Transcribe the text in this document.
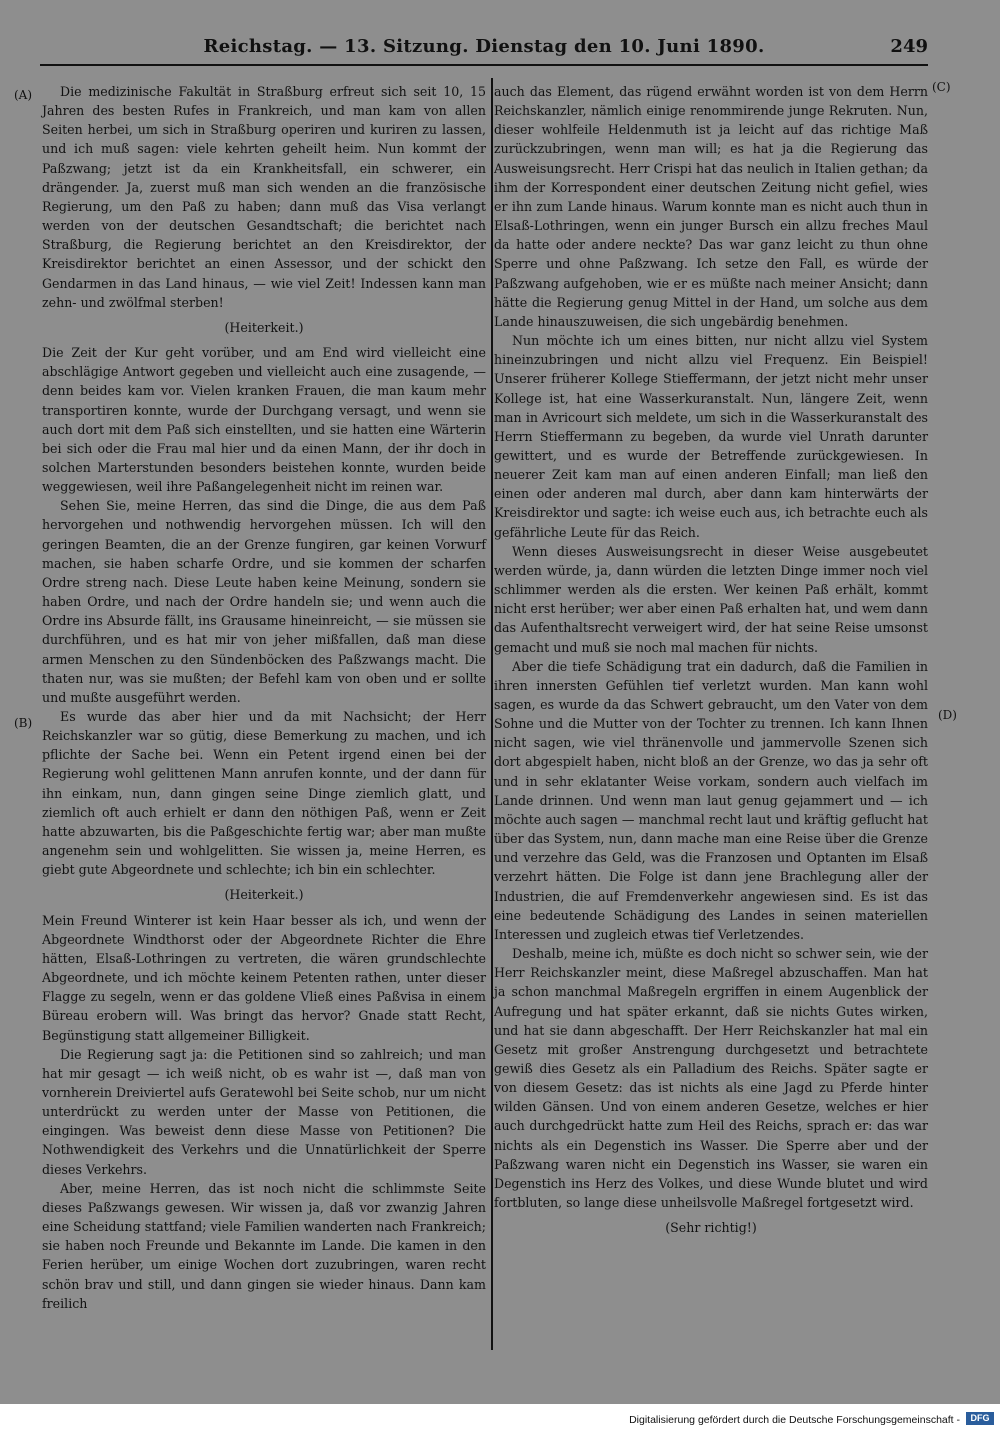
Reichstag. — 13. Sitzung. Dienstag den 10. Juni 1890.	249
(A)
(B)
(C)
(D)

Die medizinische Fakultät in Straßburg erfreut sich seit 10, 15 Jahren des besten Rufes in Frankreich, und man kam von allen Seiten herbei, um sich in Straßburg operiren und kuriren zu lassen, und ich muß sagen: viele kehrten geheilt heim. Nun kommt der Paßzwang; jetzt ist da ein Krankheitsfall, ein schwerer, ein drängender. Ja, zuerst muß man sich wenden an die französische Regierung, um den Paß zu haben; dann muß das Visa verlangt werden von der deutschen Gesandtschaft; die berichtet nach Straßburg, die Regierung berichtet an den Kreisdirektor, der Kreisdirektor berichtet an einen Assessor, und der schickt den Gendarmen in das Land hinaus, — wie viel Zeit! Indessen kann man zehn- und zwölfmal sterben!

(Heiterkeit.)

Die Zeit der Kur geht vorüber, und am End wird vielleicht eine abschlägige Antwort gegeben und vielleicht auch eine zusagende, — denn beides kam vor. Vielen kranken Frauen, die man kaum mehr transportiren konnte, wurde der Durchgang versagt, und wenn sie auch dort mit dem Paß sich einstellten, und sie hatten eine Wärterin bei sich oder die Frau mal hier und da einen Mann, der ihr doch in solchen Marterstunden besonders beistehen konnte, wurden beide weggewiesen, weil ihre Paßangelegenheit nicht im reinen war.

Sehen Sie, meine Herren, das sind die Dinge, die aus dem Paß hervorgehen und nothwendig hervorgehen müssen. Ich will den geringen Beamten, die an der Grenze fungiren, gar keinen Vorwurf machen, sie haben scharfe Ordre, und sie kommen der scharfen Ordre streng nach. Diese Leute haben keine Meinung, sondern sie haben Ordre, und nach der Ordre handeln sie; und wenn auch die Ordre ins Absurde fällt, ins Grausame hineinreicht, — sie müssen sie durchführen, und es hat mir von jeher mißfallen, daß man diese armen Menschen zu den Sündenböcken des Paßzwangs macht. Die thaten nur, was sie mußten; der Befehl kam von oben und er sollte und mußte ausgeführt werden.

Es wurde das aber hier und da mit Nachsicht; der Herr Reichskanzler war so gütig, diese Bemerkung zu machen, und ich pflichte der Sache bei. Wenn ein Petent irgend einen bei der Regierung wohl gelittenen Mann anrufen konnte, und der dann für ihn einkam, nun, dann gingen seine Dinge ziemlich glatt, und ziemlich oft auch erhielt er dann den nöthigen Paß, wenn er Zeit hatte abzuwarten, bis die Paßgeschichte fertig war; aber man mußte angenehm sein und wohlgelitten. Sie wissen ja, meine Herren, es giebt gute Abgeordnete und schlechte; ich bin ein schlechter.

(Heiterkeit.)

Mein Freund Winterer ist kein Haar besser als ich, und wenn der Abgeordnete Windthorst oder der Abgeordnete Richter die Ehre hätten, Elsaß-Lothringen zu vertreten, die wären grundschlechte Abgeordnete, und ich möchte keinem Petenten rathen, unter dieser Flagge zu segeln, wenn er das goldene Vließ eines Paßvisa in einem Büreau erobern will. Was bringt das hervor? Gnade statt Recht, Begünstigung statt allgemeiner Billigkeit.

Die Regierung sagt ja: die Petitionen sind so zahlreich; und man hat mir gesagt — ich weiß nicht, ob es wahr ist —, daß man von vornherein Dreiviertel aufs Geratewohl bei Seite schob, nur um nicht unterdrückt zu werden unter der Masse von Petitionen, die eingingen. Was beweist denn diese Masse von Petitionen? Die Nothwendigkeit des Verkehrs und die Unnatürlichkeit der Sperre dieses Verkehrs.

Aber, meine Herren, das ist noch nicht die schlimmste Seite dieses Paßzwangs gewesen. Wir wissen ja, daß vor zwanzig Jahren eine Scheidung stattfand; viele Familien wanderten nach Frankreich; sie haben noch Freunde und Bekannte im Lande. Die kamen in den Ferien herüber, um einige Wochen dort zuzubringen, waren recht schön brav und still, und dann gingen sie wieder hinaus. Dann kam freilich

auch das Element, das rügend erwähnt worden ist von dem Herrn Reichskanzler, nämlich einige renommirende junge Rekruten. Nun, dieser wohlfeile Heldenmuth ist ja leicht auf das richtige Maß zurückzubringen, wenn man will; es hat ja die Regierung das Ausweisungsrecht. Herr Crispi hat das neulich in Italien gethan; da ihm der Korrespondent einer deutschen Zeitung nicht gefiel, wies er ihn zum Lande hinaus. Warum konnte man es nicht auch thun in Elsaß-Lothringen, wenn ein junger Bursch ein allzu freches Maul da hatte oder andere neckte? Das war ganz leicht zu thun ohne Sperre und ohne Paßzwang. Ich setze den Fall, es würde der Paßzwang aufgehoben, wie er es müßte nach meiner Ansicht; dann hätte die Regierung genug Mittel in der Hand, um solche aus dem Lande hinauszuweisen, die sich ungebärdig benehmen.

Nun möchte ich um eines bitten, nur nicht allzu viel System hineinzubringen und nicht allzu viel Frequenz. Ein Beispiel! Unserer früherer Kollege Stieffermann, der jetzt nicht mehr unser Kollege ist, hat eine Wasserkuranstalt. Nun, längere Zeit, wenn man in Avricourt sich meldete, um sich in die Wasserkuranstalt des Herrn Stieffermann zu begeben, da wurde viel Unrath darunter gewittert, und es wurde der Betreffende zurückgewiesen. In neuerer Zeit kam man auf einen anderen Einfall; man ließ den einen oder anderen mal durch, aber dann kam hinterwärts der Kreisdirektor und sagte: ich weise euch aus, ich betrachte euch als gefährliche Leute für das Reich.

Wenn dieses Ausweisungsrecht in dieser Weise ausgebeutet werden würde, ja, dann würden die letzten Dinge immer noch viel schlimmer werden als die ersten. Wer keinen Paß erhält, kommt nicht erst herüber; wer aber einen Paß erhalten hat, und wem dann das Aufenthaltsrecht verweigert wird, der hat seine Reise umsonst gemacht und muß sie noch mal machen für nichts.

Aber die tiefe Schädigung trat ein dadurch, daß die Familien in ihren innersten Gefühlen tief verletzt wurden. Man kann wohl sagen, es wurde da das Schwert gebraucht, um den Vater von dem Sohne und die Mutter von der Tochter zu trennen. Ich kann Ihnen nicht sagen, wie viel thränenvolle und jammervolle Szenen sich dort abgespielt haben, nicht bloß an der Grenze, wo das ja sehr oft und in sehr eklatanter Weise vorkam, sondern auch vielfach im Lande drinnen. Und wenn man laut genug gejammert und — ich möchte auch sagen — manchmal recht laut und kräftig geflucht hat über das System, nun, dann mache man eine Reise über die Grenze und verzehre das Geld, was die Franzosen und Optanten im Elsaß verzehrt hätten. Die Folge ist dann jene Brachlegung aller der Industrien, die auf Fremdenverkehr angewiesen sind. Es ist das eine bedeutende Schädigung des Landes in seinen materiellen Interessen und zugleich etwas tief Verletzendes.

Deshalb, meine ich, müßte es doch nicht so schwer sein, wie der Herr Reichskanzler meint, diese Maßregel abzuschaffen. Man hat ja schon manchmal Maßregeln ergriffen in einem Augenblick der Aufregung und hat später erkannt, daß sie nichts Gutes wirken, und hat sie dann abgeschafft. Der Herr Reichskanzler hat mal ein Gesetz mit großer Anstrengung durchgesetzt und betrachtete gewiß dies Gesetz als ein Palladium des Reichs. Später sagte er von diesem Gesetz: das ist nichts als eine Jagd zu Pferde hinter wilden Gänsen. Und von einem anderen Gesetze, welches er hier auch durchgedrückt hatte zum Heil des Reichs, sprach er: das war nichts als ein Degenstich ins Wasser. Die Sperre aber und der Paßzwang waren nicht ein Degenstich ins Wasser, sie waren ein Degenstich ins Herz des Volkes, und diese Wunde blutet und wird fortbluten, so lange diese unheilsvolle Maßregel fortgesetzt wird.

(Sehr richtig!)

Digitalisierung gefördert durch die Deutsche Forschungsgemeinschaft -	DFG
